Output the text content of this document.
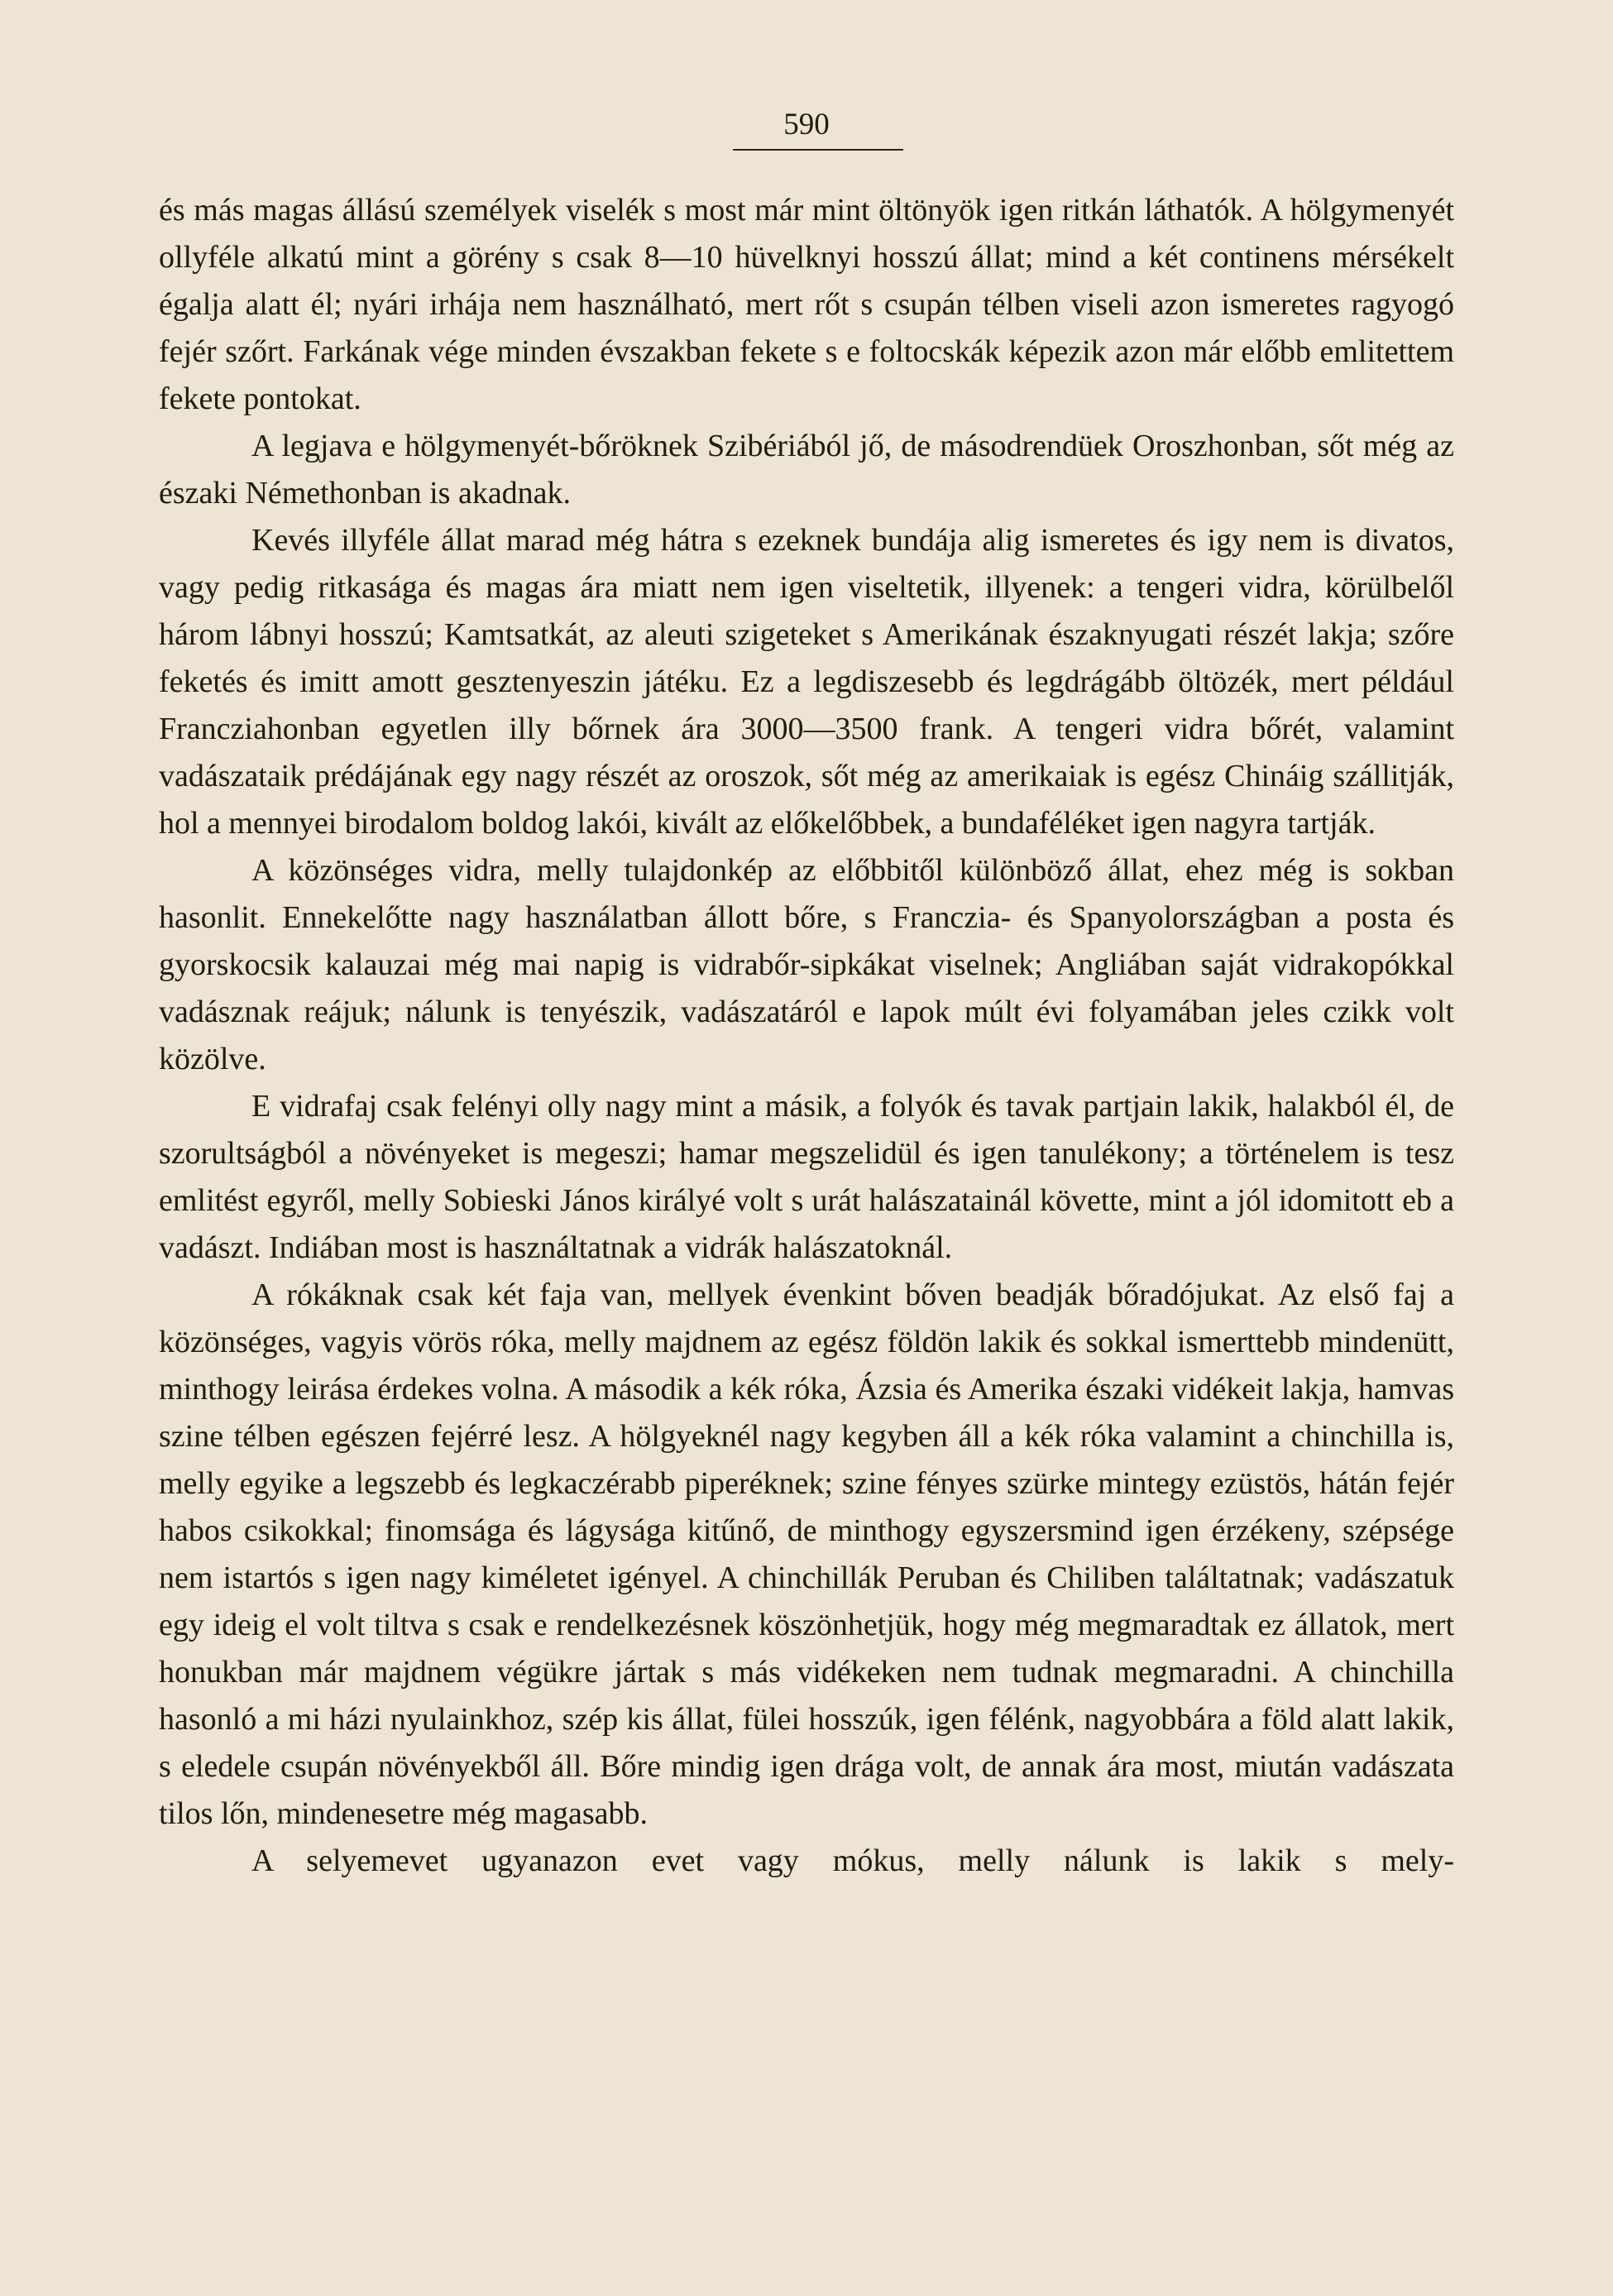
590

és más magas állású személyek viselék s most már mint öltönyök igen ritkán láthatók. A hölgymenyét ollyféle alkatú mint a görény s csak 8—10 hüvelknyi hosszú állat; mind a két continens mérsékelt égalja alatt él; nyári irhája nem használható, mert rőt s csupán télben viseli azon ismeretes ragyogó fejér szőrt. Farkának vége minden évszakban fekete s e foltocskák képezik azon már előbb emlitettem fekete pontokat.

A legjava e hölgymenyét-bőröknek Szibériából jő, de másodrendüek Oroszhonban, sőt még az északi Némethonban is akadnak.

Kevés illyféle állat marad még hátra s ezeknek bundája alig ismeretes és igy nem is divatos, vagy pedig ritkasága és magas ára miatt nem igen viseltetik, illyenek: a tengeri vidra, körülbelől három lábnyi hosszú; Kamtsatkát, az aleuti szigeteket s Amerikának északnyugati részét lakja; szőre feketés és imitt amott gesztenyeszin játéku. Ez a legdiszesebb és legdrágább öltözék, mert például Franczіahonban egyetlen illy bőrnek ára 3000—3500 frank. A tengeri vidra bőrét, valamint vadászataik prédájának egy nagy részét az oroszok, sőt még az amerikaiak is egész Chináig szállitják, hol a mennyei birodalom boldog lakói, kivált az előkelőbbek, a bundaféléket igen nagyra tartják.

A közönséges vidra, melly tulajdonkép az előbbitől különböző állat, ehez még is sokban hasonlit. Ennekelőtte nagy használatban állott bőre, s Franczia- és Spanyolországban a posta és gyorskocsik kalauzai még mai napig is vidrabőr-sipkákat viselnek; Angliában saját vidrakopókkal vadásznak reájuk; nálunk is tenyészik, vadászatáról e lapok múlt évi folyamában jeles czikk volt közölve.

E vidrafaj csak felényi olly nagy mint a másik, a folyók és tavak partjain lakik, halakból él, de szorultságból a növényeket is megeszi; hamar megszelidül és igen tanulékony; a történelem is tesz emlitést egyről, melly Sobieski János királyé volt s urát halászatainál követte, mint a jól idomitott eb a vadászt. Indiában most is használtatnak a vidrák halászatoknál.

A rókáknak csak két faja van, mellyek évenkint bőven beadják bőradójukat. Az első faj a közönséges, vagyis vörös róka, melly majdnem az egész földön lakik és sokkal ismerttebb mindenütt, minthogy leirása érdekes volna. A második a kék róka, Ázsia és Amerika északi vidékeit lakja, hamvas szine télben egészen fejérré lesz. A hölgyeknél nagy kegyben áll a kék róka valamint a chinchilla is, melly egyike a legszebb és legkaczérabb piperéknek; szine fényes szürke mintegy ezüstös, hátán fejér habos csikokkal; finomsága és lágysága kitűnő, de minthogy egyszersmind igen érzékeny, szépsége nem istartós s igen nagy kiméletet igényel. A chinchillák Peruban és Chiliben találtatnak; vadászatuk egy ideig el volt tiltva s csak e rendelkezésnek köszönhetjük, hogy még megmaradtak ez állatok, mert honukban már majdnem végükre jártak s más vidékeken nem tudnak megmaradni. A chinchilla hasonló a mi házi nyulainkhoz, szép kis állat, fülei hosszúk, igen félénk, nagyobbára a föld alatt lakik, s eledele csupán növényekből áll. Bőre mindig igen drága volt, de annak ára most, miután vadászata tilos lőn, mindenesetre még magasabb.

A selyemevet ugyanazon evet vagy mókus, melly nálunk is lakik s mely-
